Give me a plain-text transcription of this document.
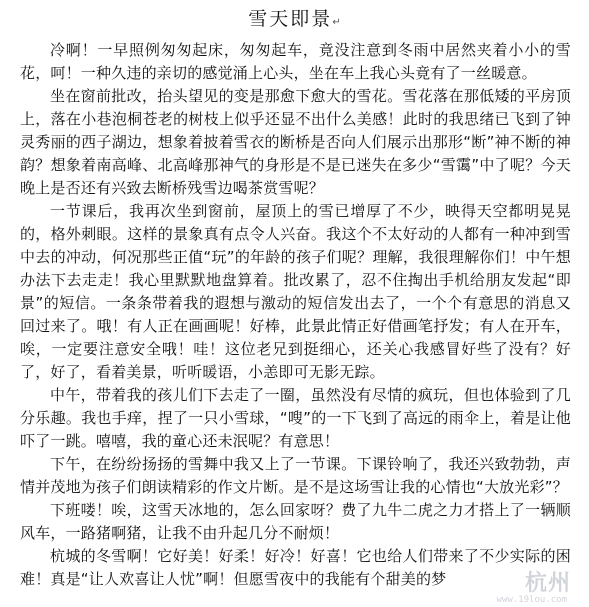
雪天即景↵

冷啊！一早照例匆匆起床，匆匆起车，竟没注意到冬雨中居然夹着小小的雪花，呵！一种久违的亲切的感觉涌上心头，坐在车上我心头竟有了一丝暖意。

坐在窗前批改，抬头望见的变是那愈下愈大的雪花。雪花落在那低矮的平房顶上，落在小巷泡桐苍老的树枝上似乎还显不出什么美感！此时的我思绪已飞到了钟灵秀丽的西子湖边，想象着披着雪衣的断桥是否向人们展示出那形“断”神不断的神韵？想象着南高峰、北高峰那神气的身形是不是已迷失在多少“雪霭”中了呢？今天晚上是否还有兴致去断桥残雪边喝茶赏雪呢？

一节课后，我再次坐到窗前，屋顶上的雪已增厚了不少，映得天空都明晃晃的，格外刺眼。这样的景象真有点令人兴奋。我这个不太好动的人都有一种冲到雪中去的冲动，何况那些正值“玩”的年龄的孩子们呢？理解，我很理解你们！中午想办法下去走走！我心里默默地盘算着。批改累了，忍不住掏出手机给朋友发起“即景”的短信。一条条带着我的遐想与激动的短信发出去了，一个个有意思的消息又回过来了。哦！有人正在画画呢！好棒，此景此情正好借画笔抒发；有人在开车，唉，一定要注意安全哦！哇！这位老兄到挺细心，还关心我感冒好些了没有？好了，好了，看着美景，听听暖语，小恙即可无影无踪。

中午，带着我的孩儿们下去走了一圈，虽然没有尽情的疯玩，但也体验到了几分乐趣。我也手痒，捏了一只小雪球，“嗖”的一下飞到了高远的雨伞上，着是让他吓了一跳。嘻嘻，我的童心还未泯呢？有意思！

下午，在纷纷扬扬的雪舞中我又上了一节课。下课铃响了，我还兴致勃勃，声情并茂地为孩子们朗读精彩的作文片断。是不是这场雪让我的心情也“大放光彩”？

下班喽！唉，这雪天冰地的，怎么回家呀？费了九牛二虎之力才搭上了一辆顺风车，一路猪啊猪，让我不由升起几分不耐烦！

杭城的冬雪啊！它好美！好柔！好冷！好喜！它也给人们带来了不少实际的困难！真是“让人欢喜让人忧”啊！但愿雪夜中的我能有个甜美的梦	杭州
www.19lou.com
